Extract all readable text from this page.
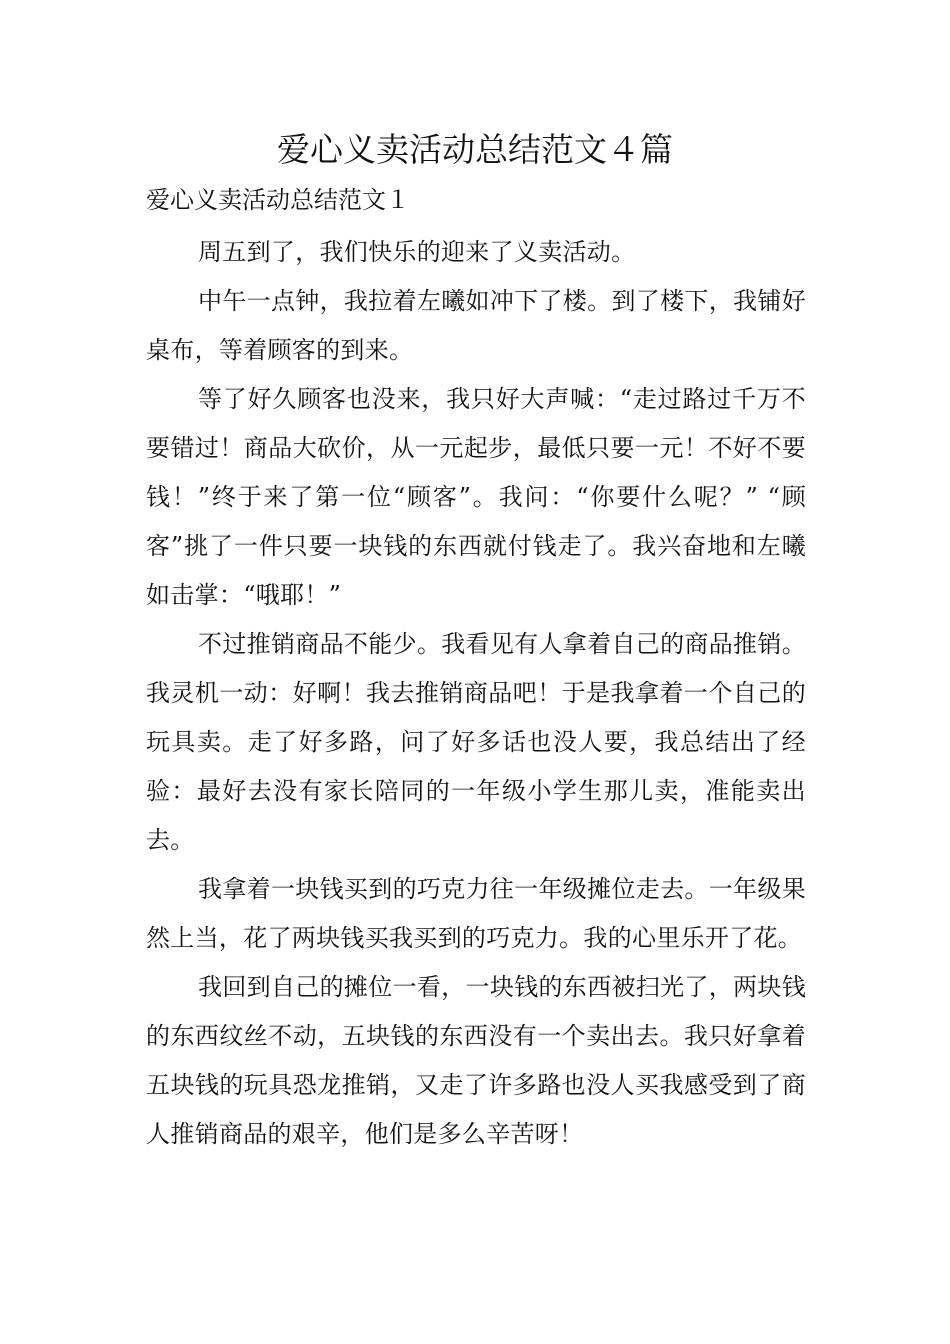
爱心义卖活动总结范文４篇
爱心义卖活动总结范文１

周五到了，我们快乐的迎来了义卖活动。

中午一点钟，我拉着左曦如冲下了楼。到了楼下，我铺好桌布，等着顾客的到来。

等了好久顾客也没来，我只好大声喊：“走过路过千万不要错过！商品大砍价，从一元起步，最低只要一元！不好不要钱！”终于来了第一位“顾客”。我问：“你要什么呢？” “顾客”挑了一件只要一块钱的东西就付钱走了。我兴奋地和左曦如击掌：“哦耶！”

不过推销商品不能少。我看见有人拿着自己的商品推销。我灵机一动：好啊！我去推销商品吧！于是我拿着一个自己的玩具卖。走了好多路，问了好多话也没人要，我总结出了经验：最好去没有家长陪同的一年级小学生那儿卖，准能卖出去。

我拿着一块钱买到的巧克力往一年级摊位走去。一年级果然上当，花了两块钱买我买到的巧克力。我的心里乐开了花。

我回到自己的摊位一看，一块钱的东西被扫光了，两块钱的东西纹丝不动，五块钱的东西没有一个卖出去。我只好拿着五块钱的玩具恐龙推销，又走了许多路也没人买我感受到了商人推销商品的艰辛，他们是多么辛苦呀！
